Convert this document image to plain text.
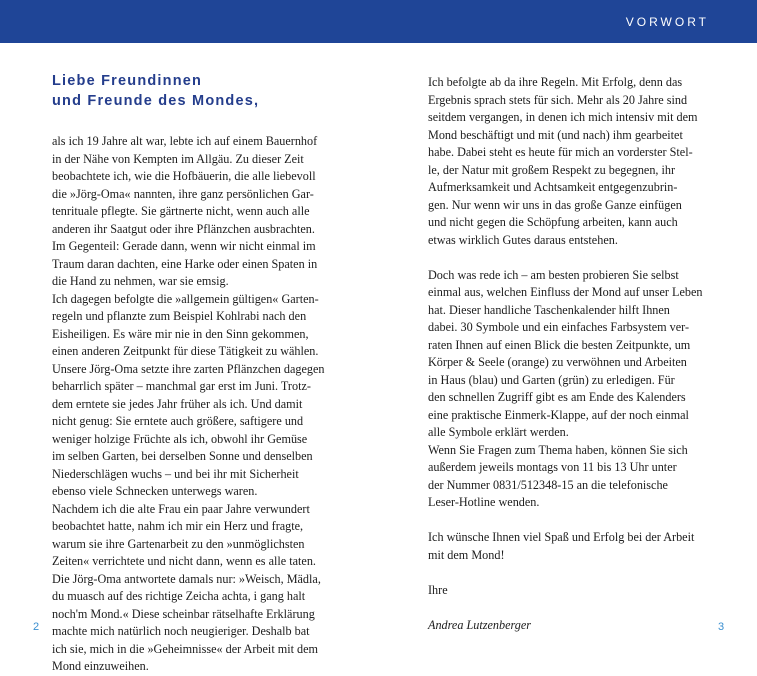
VORWORT
Liebe Freundinnen
und Freunde des Mondes,
als ich 19 Jahre alt war, lebte ich auf einem Bauernhof
in der Nähe von Kempten im Allgäu. Zu dieser Zeit
beobachtete ich, wie die Hofbäuerin, die alle liebevoll
die »Jörg-Oma« nannten, ihre ganz persönlichen Gar-
tenrituale pflegte. Sie gärtnerte nicht, wenn auch alle
anderen ihr Saatgut oder ihre Pflänzchen ausbrachten.
Im Gegenteil: Gerade dann, wenn wir nicht einmal im
Traum daran dachten, eine Harke oder einen Spaten in
die Hand zu nehmen, war sie emsig.
Ich dagegen befolgte die »allgemein gültigen« Garten-
regeln und pflanzte zum Beispiel Kohlrabi nach den
Eisheiligen. Es wäre mir nie in den Sinn gekommen,
einen anderen Zeitpunkt für diese Tätigkeit zu wählen.
Unsere Jörg-Oma setzte ihre zarten Pflänzchen dagegen
beharrlich später – manchmal gar erst im Juni. Trotz-
dem erntete sie jedes Jahr früher als ich. Und damit
nicht genug: Sie erntete auch größere, saftigere und
weniger holzige Früchte als ich, obwohl ihr Gemüse
im selben Garten, bei derselben Sonne und denselben
Niederschlägen wuchs – und bei ihr mit Sicherheit
ebenso viele Schnecken unterwegs waren.
Nachdem ich die alte Frau ein paar Jahre verwundert
beobachtet hatte, nahm ich mir ein Herz und fragte,
warum sie ihre Gartenarbeit zu den »unmöglichsten
Zeiten« verrichtete und nicht dann, wenn es alle taten.
Die Jörg-Oma antwortete damals nur: »Weisch, Mädla,
du muasch auf des richtige Zeicha achta, i gang halt
noch'm Mond.« Diese scheinbar rätselhafte Erklärung
machte mich natürlich noch neugieriger. Deshalb bat
ich sie, mich in die »Geheimnisse« der Arbeit mit dem
Mond einzuweihen.
Ich befolgte ab da ihre Regeln. Mit Erfolg, denn das
Ergebnis sprach stets für sich. Mehr als 20 Jahre sind
seitdem vergangen, in denen ich mich intensiv mit dem
Mond beschäftigt und mit (und nach) ihm gearbeitet
habe. Dabei steht es heute für mich an vorderster Stel-
le, der Natur mit großem Respekt zu begegnen, ihr
Aufmerksamkeit und Achtsamkeit entgegenzubrin-
gen. Nur wenn wir uns in das große Ganze einfügen
und nicht gegen die Schöpfung arbeiten, kann auch
etwas wirklich Gutes daraus entstehen.
Doch was rede ich – am besten probieren Sie selbst
einmal aus, welchen Einfluss der Mond auf unser Leben
hat. Dieser handliche Taschenkalender hilft Ihnen
dabei. 30 Symbole und ein einfaches Farbsystem ver-
raten Ihnen auf einen Blick die besten Zeitpunkte, um
Körper & Seele (orange) zu verwöhnen und Arbeiten
in Haus (blau) und Garten (grün) zu erledigen. Für
den schnellen Zugriff gibt es am Ende des Kalenders
eine praktische Einmerk-Klappe, auf der noch einmal
alle Symbole erklärt werden.
Wenn Sie Fragen zum Thema haben, können Sie sich
außerdem jeweils montags von 11 bis 13 Uhr unter
der Nummer 0831/512348-15 an die telefonische
Leser-Hotline wenden.
Ich wünsche Ihnen viel Spaß und Erfolg bei der Arbeit
mit dem Mond!
Ihre
Andrea Lutzenberger
2	3
